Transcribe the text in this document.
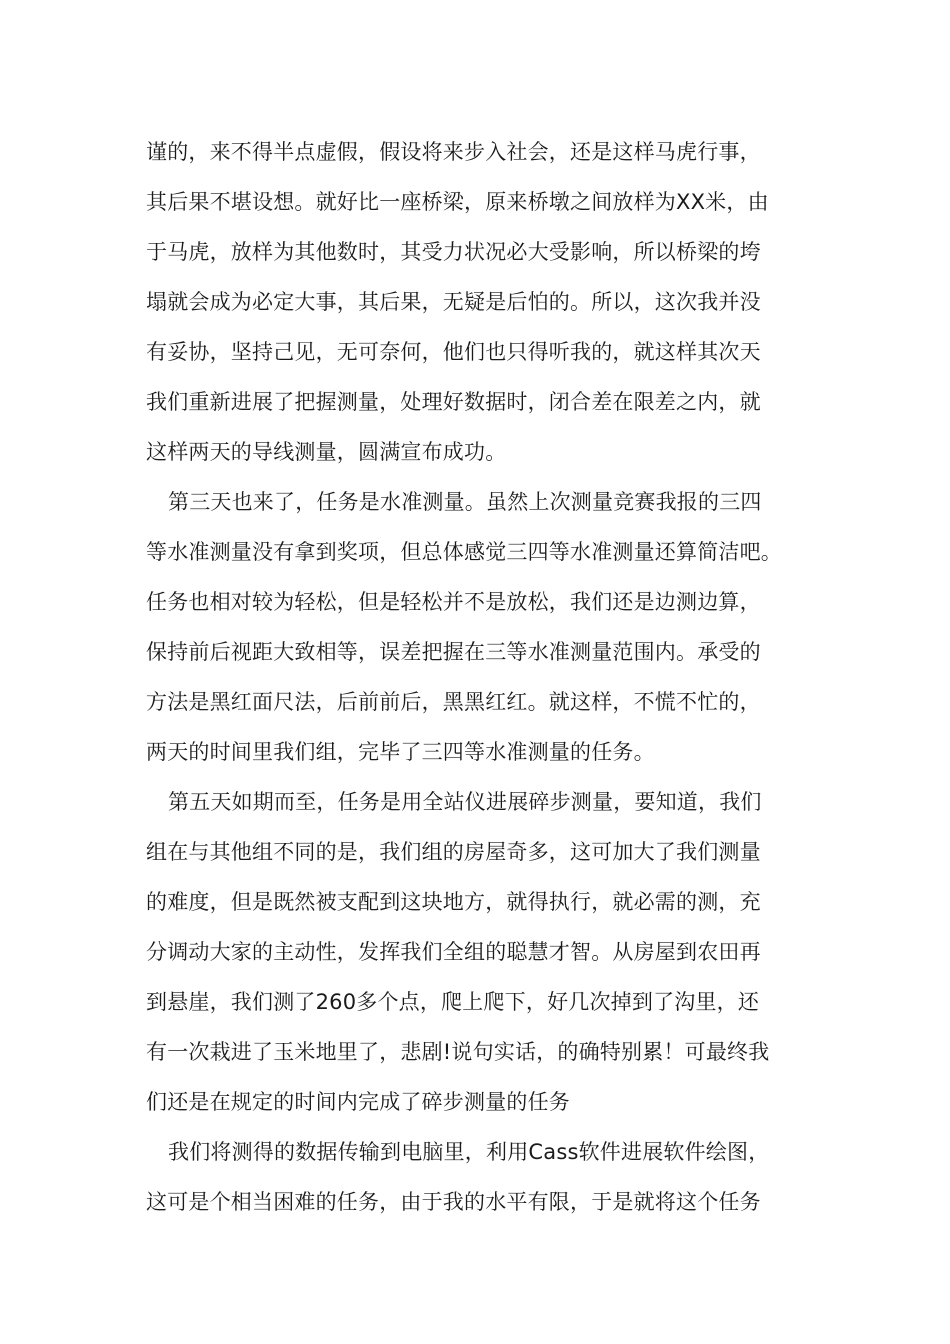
谨的，来不得半点虚假，假设将来步入社会，还是这样马虎行事，
其后果不堪设想。就好比一座桥梁，原来桥墩之间放样为XX米，由
于马虎，放样为其他数时，其受力状况必大受影响，所以桥梁的垮
塌就会成为必定大事，其后果，无疑是后怕的。所以，这次我并没
有妥协，坚持己见，无可奈何，他们也只得听我的，就这样其次天
我们重新进展了把握测量，处理好数据时，闭合差在限差之内，就
这样两天的导线测量，圆满宣布成功。
第三天也来了，任务是水准测量。虽然上次测量竞赛我报的三四
等水准测量没有拿到奖项，但总体感觉三四等水准测量还算简洁吧。
任务也相对较为轻松，但是轻松并不是放松，我们还是边测边算，
保持前后视距大致相等，误差把握在三等水准测量范围内。承受的
方法是黑红面尺法，后前前后，黑黑红红。就这样，不慌不忙的，
两天的时间里我们组，完毕了三四等水准测量的任务。
第五天如期而至，任务是用全站仪进展碎步测量，要知道，我们
组在与其他组不同的是，我们组的房屋奇多，这可加大了我们测量
的难度，但是既然被支配到这块地方，就得执行，就必需的测，充
分调动大家的主动性，发挥我们全组的聪慧才智。从房屋到农田再
到悬崖，我们测了260多个点，爬上爬下，好几次掉到了沟里，还
有一次栽进了玉米地里了，悲剧!说句实话，的确特别累！可最终我
们还是在规定的时间内完成了碎步测量的任务
我们将测得的数据传输到电脑里，利用Cass软件进展软件绘图，
这可是个相当困难的任务，由于我的水平有限，于是就将这个任务
